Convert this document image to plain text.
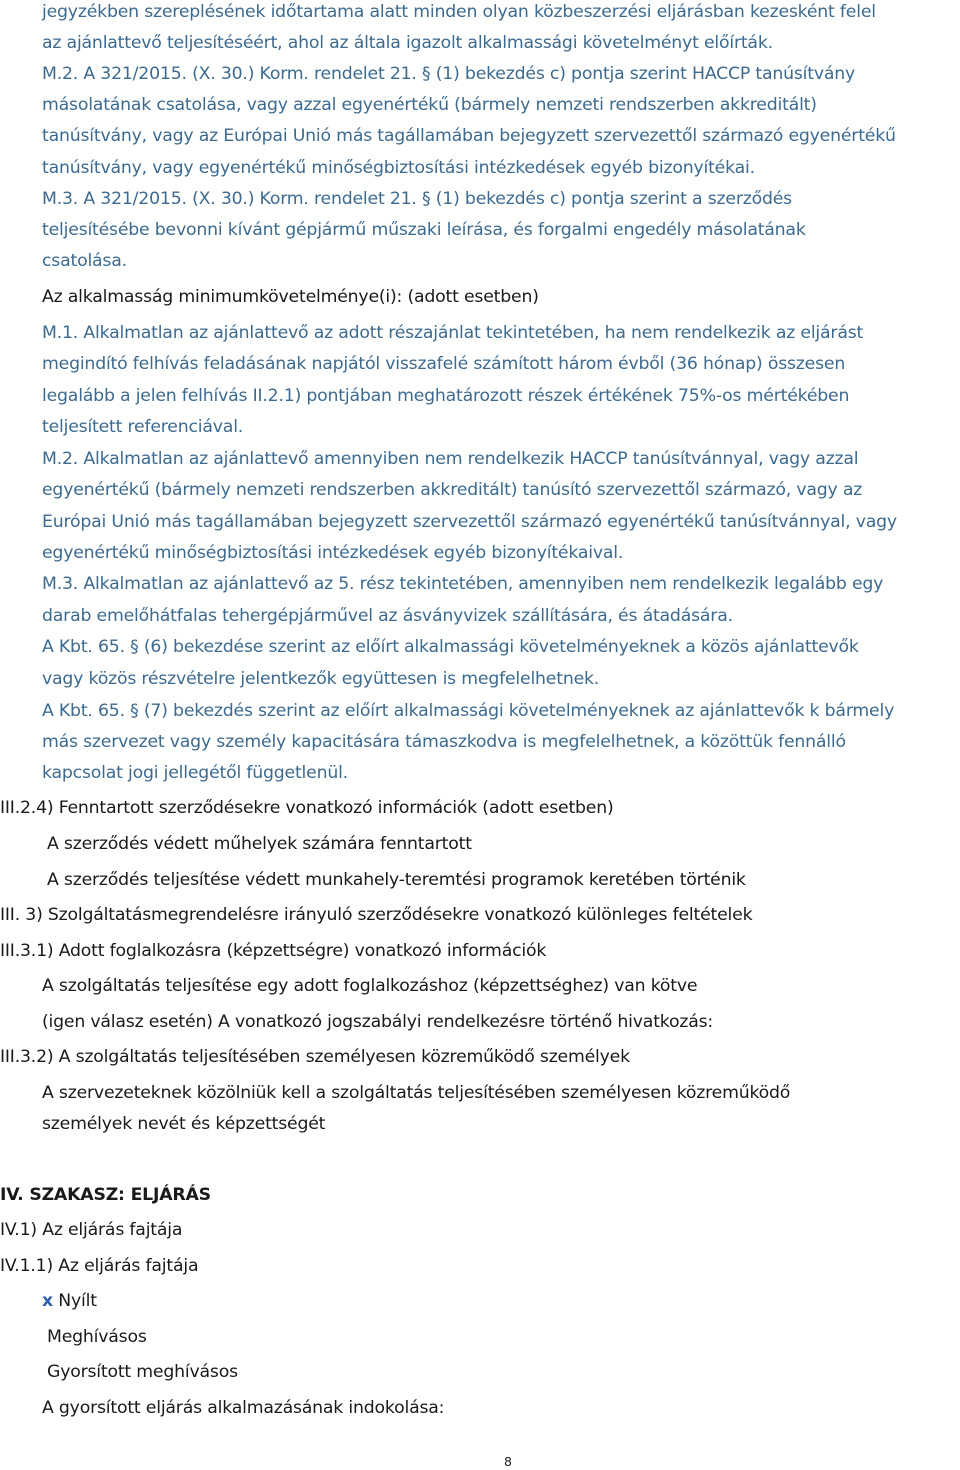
jegyzékben szereplésének időtartama alatt minden olyan közbeszerzési eljárásban kezesként felel
az ajánlattevő teljesítéséért, ahol az általa igazolt alkalmassági követelményt előírták.
M.2. A 321/2015. (X. 30.) Korm. rendelet 21. § (1) bekezdés c) pontja szerint HACCP tanúsítvány
másolatának csatolása, vagy azzal egyenértékű (bármely nemzeti rendszerben akkreditált)
tanúsítvány, vagy az Európai Unió más tagállamában bejegyzett szervezettől származó egyenértékű
tanúsítvány, vagy egyenértékű minőségbiztosítási intézkedések egyéb bizonyítékai.
M.3. A 321/2015. (X. 30.) Korm. rendelet 21. § (1) bekezdés c) pontja szerint a szerződés
teljesítésébe bevonni kívánt gépjármű műszaki leírása, és forgalmi engedély másolatának
csatolása.
Az alkalmasság minimumkövetelménye(i): (adott esetben)
M.1. Alkalmatlan az ajánlattevő az adott részajánlat tekintetében, ha nem rendelkezik az eljárást
megindító felhívás feladásának napjától visszafelé számított három évből (36 hónap) összesen
legalább a jelen felhívás II.2.1) pontjában meghatározott részek értékének 75%-os mértékében
teljesített referenciával.
M.2. Alkalmatlan az ajánlattevő amennyiben nem rendelkezik HACCP tanúsítvánnyal, vagy azzal
egyenértékű (bármely nemzeti rendszerben akkreditált) tanúsító szervezettől származó, vagy az
Európai Unió más tagállamában bejegyzett szervezettől származó egyenértékű tanúsítvánnyal, vagy
egyenértékű minőségbiztosítási intézkedések egyéb bizonyítékaival.
M.3. Alkalmatlan az ajánlattevő az 5. rész tekintetében, amennyiben nem rendelkezik legalább egy
darab emelőhátfalas tehergépjárművel az ásványvizek szállítására, és átadására.
A Kbt. 65. § (6) bekezdése szerint az előírt alkalmassági követelményeknek a közös ajánlattevők
vagy közös részvételre jelentkezők együttesen is megfelelhetnek.
A Kbt. 65. § (7) bekezdés szerint az előírt alkalmassági követelményeknek az ajánlattevők k bármely
más szervezet vagy személy kapacitására támaszkodva is megfelelhetnek, a közöttük fennálló
kapcsolat jogi jellegétől függetlenül.
III.2.4) Fenntartott szerződésekre vonatkozó információk (adott esetben)
A szerződés védett műhelyek számára fenntartott
A szerződés teljesítése védett munkahely-teremtési programok keretében történik
III. 3) Szolgáltatásmegrendelésre irányuló szerződésekre vonatkozó különleges feltételek
III.3.1) Adott foglalkozásra (képzettségre) vonatkozó információk
A szolgáltatás teljesítése egy adott foglalkozáshoz (képzettséghez) van kötve
(igen válasz esetén) A vonatkozó jogszabályi rendelkezésre történő hivatkozás:
III.3.2) A szolgáltatás teljesítésében személyesen közreműködő személyek
A szervezeteknek közölniük kell a szolgáltatás teljesítésében személyesen közreműködő
személyek nevét és képzettségét
IV. SZAKASZ: ELJÁRÁS
IV.1) Az eljárás fajtája
IV.1.1) Az eljárás fajtája
x Nyílt
Meghívásos
Gyorsított meghívásos
A gyorsított eljárás alkalmazásának indokolása:
8
